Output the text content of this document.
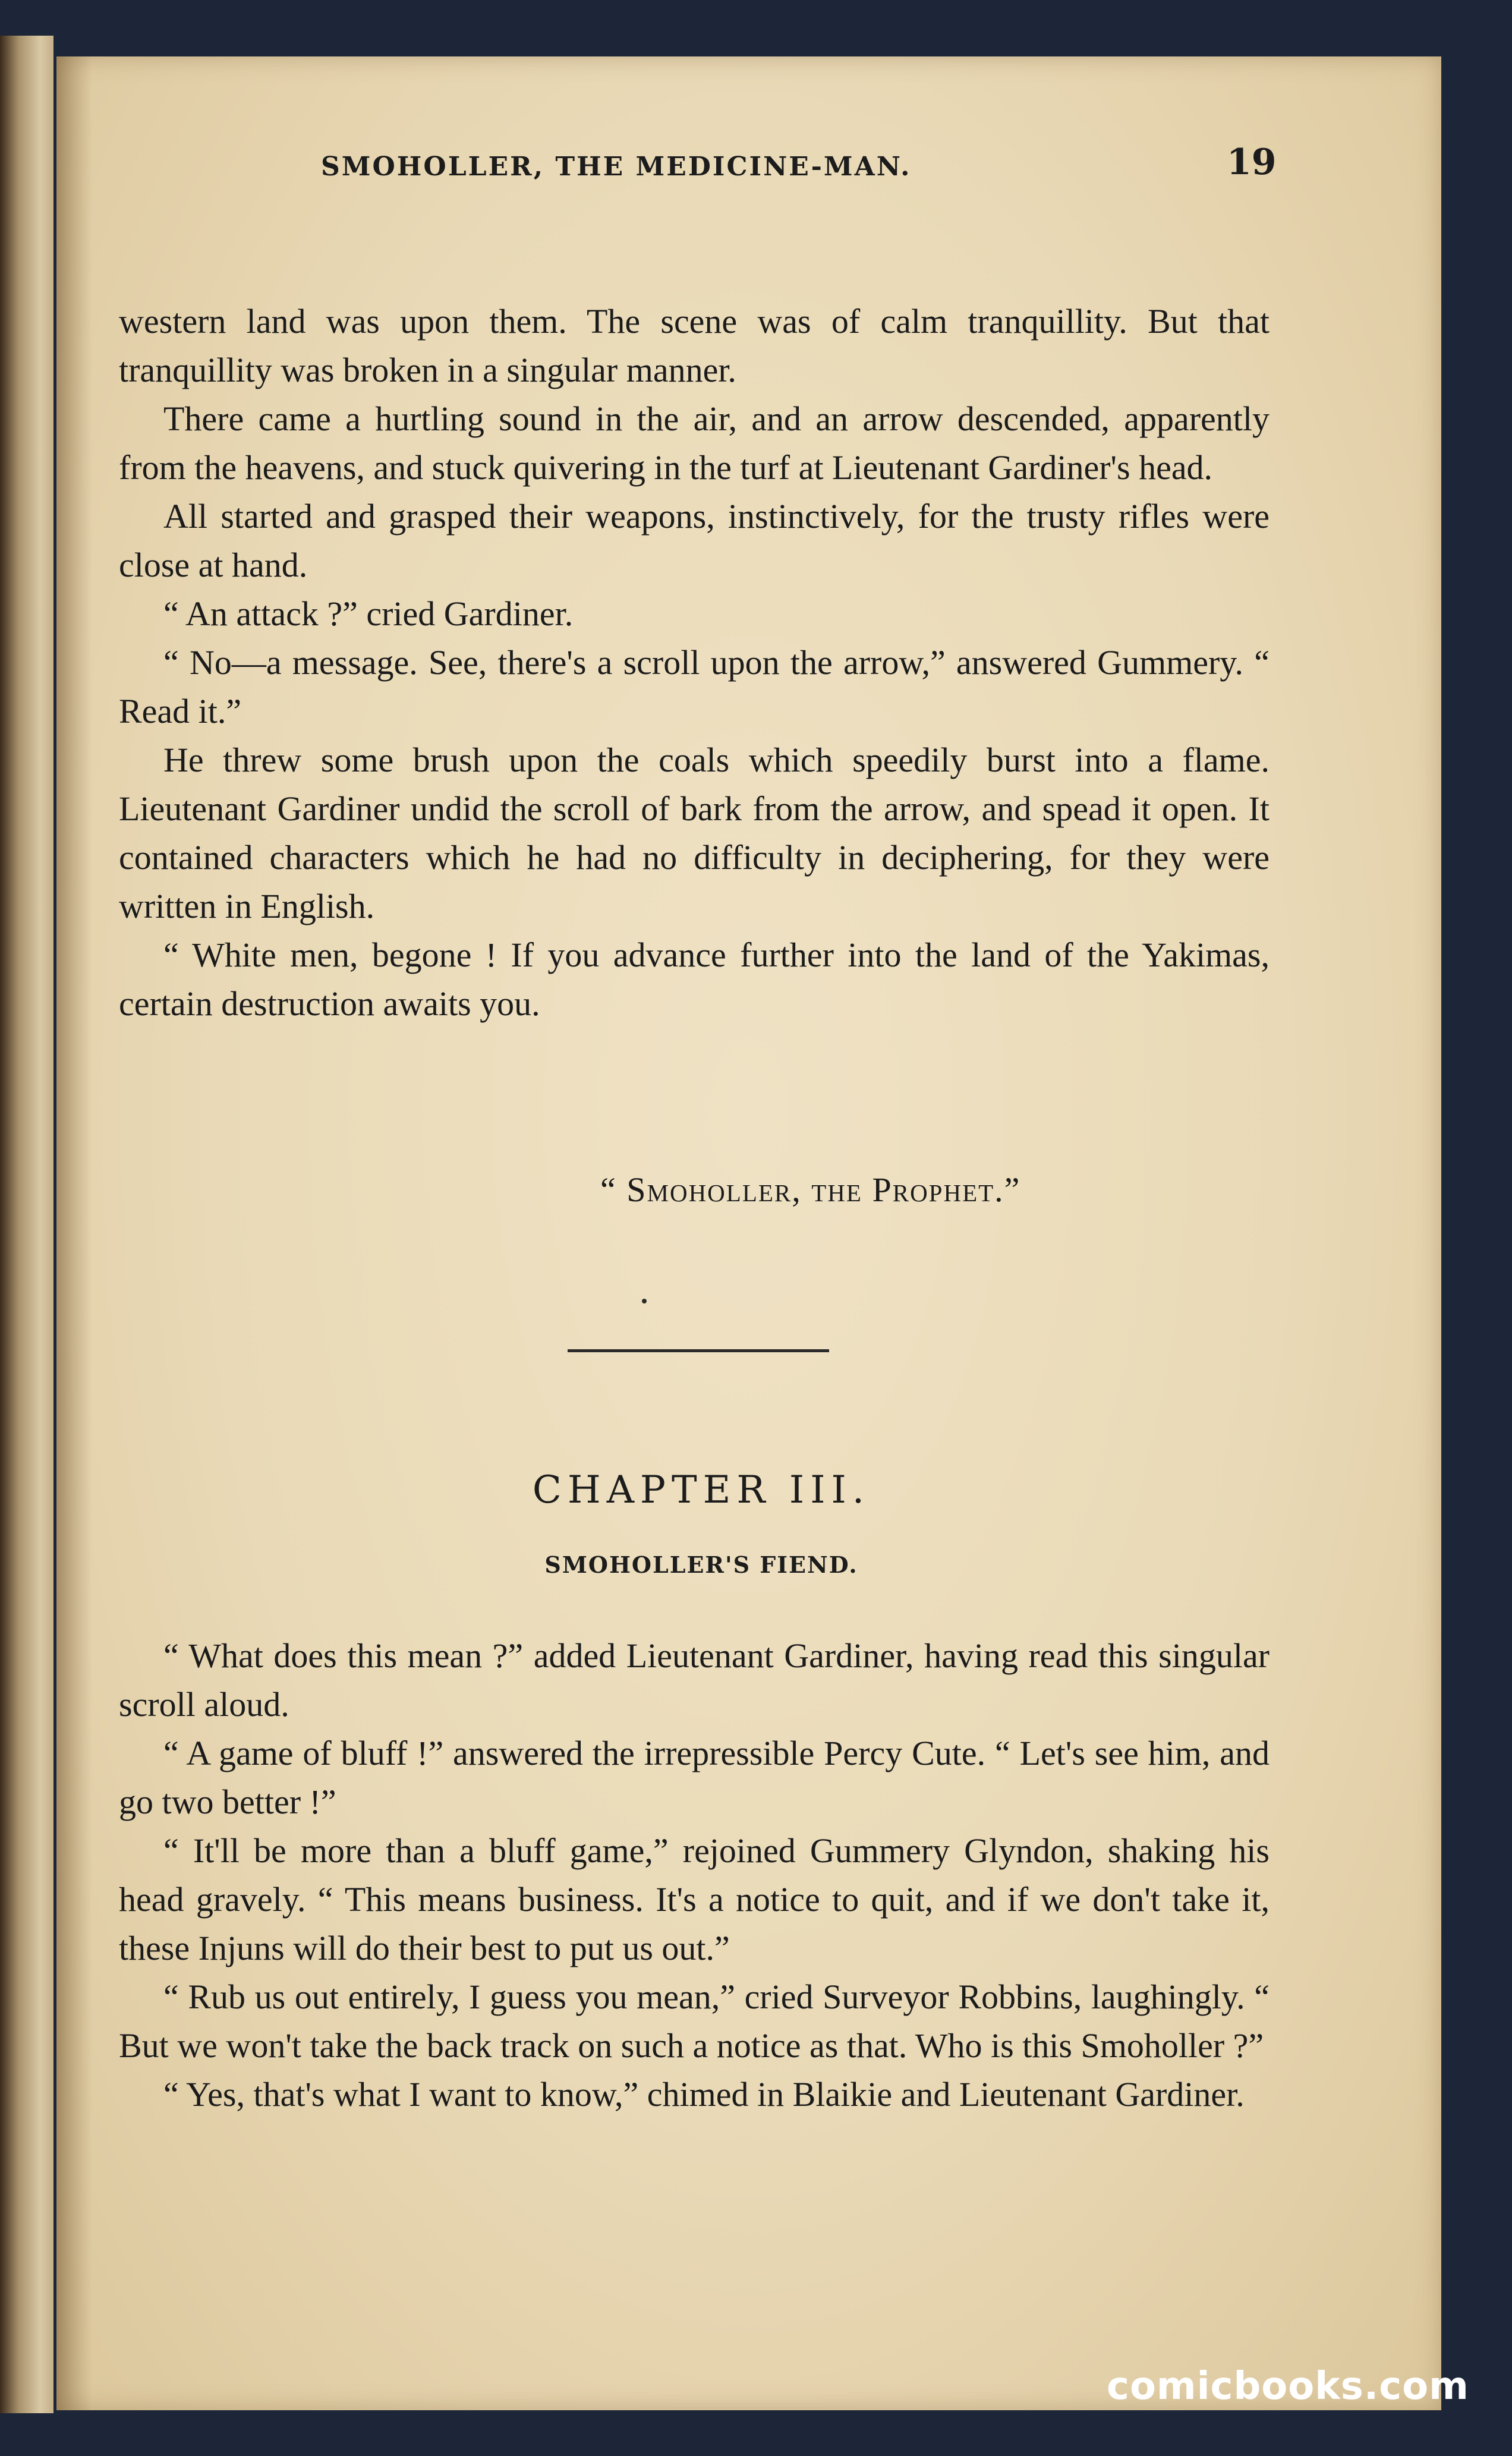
SMOHOLLER, THE MEDICINE-MAN.	19

western land was upon them. The scene was of calm tranquillity. But that tranquillity was broken in a singular manner.

There came a hurtling sound in the air, and an arrow descended, apparently from the heavens, and stuck quivering in the turf at Lieutenant Gardiner's head.

All started and grasped their weapons, instinctively, for the trusty rifles were close at hand.

“ An attack ?” cried Gardiner.

“ No—a message. See, there's a scroll upon the arrow,” answered Gummery. “ Read it.”

He threw some brush upon the coals which speedily burst into a flame. Lieutenant Gardiner undid the scroll of bark from the arrow, and spead it open. It contained characters which he had no difficulty in deciphering, for they were written in English.

“ White men, begone ! If you advance further into the land of the Yakimas, certain destruction awaits you.

“ Smoholler, the Prophet.”
CHAPTER III.
SMOHOLLER'S FIEND.

“ What does this mean ?” added Lieutenant Gardiner, having read this singular scroll aloud.

“ A game of bluff !” answered the irrepressible Percy Cute. “ Let's see him, and go two better !”

“ It'll be more than a bluff game,” rejoined Gummery Glyndon, shaking his head gravely. “ This means business. It's a notice to quit, and if we don't take it, these Injuns will do their best to put us out.”

“ Rub us out entirely, I guess you mean,” cried Surveyor Robbins, laughingly. “ But we won't take the back track on such a notice as that. Who is this Smoholler ?”

“ Yes, that's what I want to know,” chimed in Blaikie and Lieutenant Gardiner.

comicbooks.com
